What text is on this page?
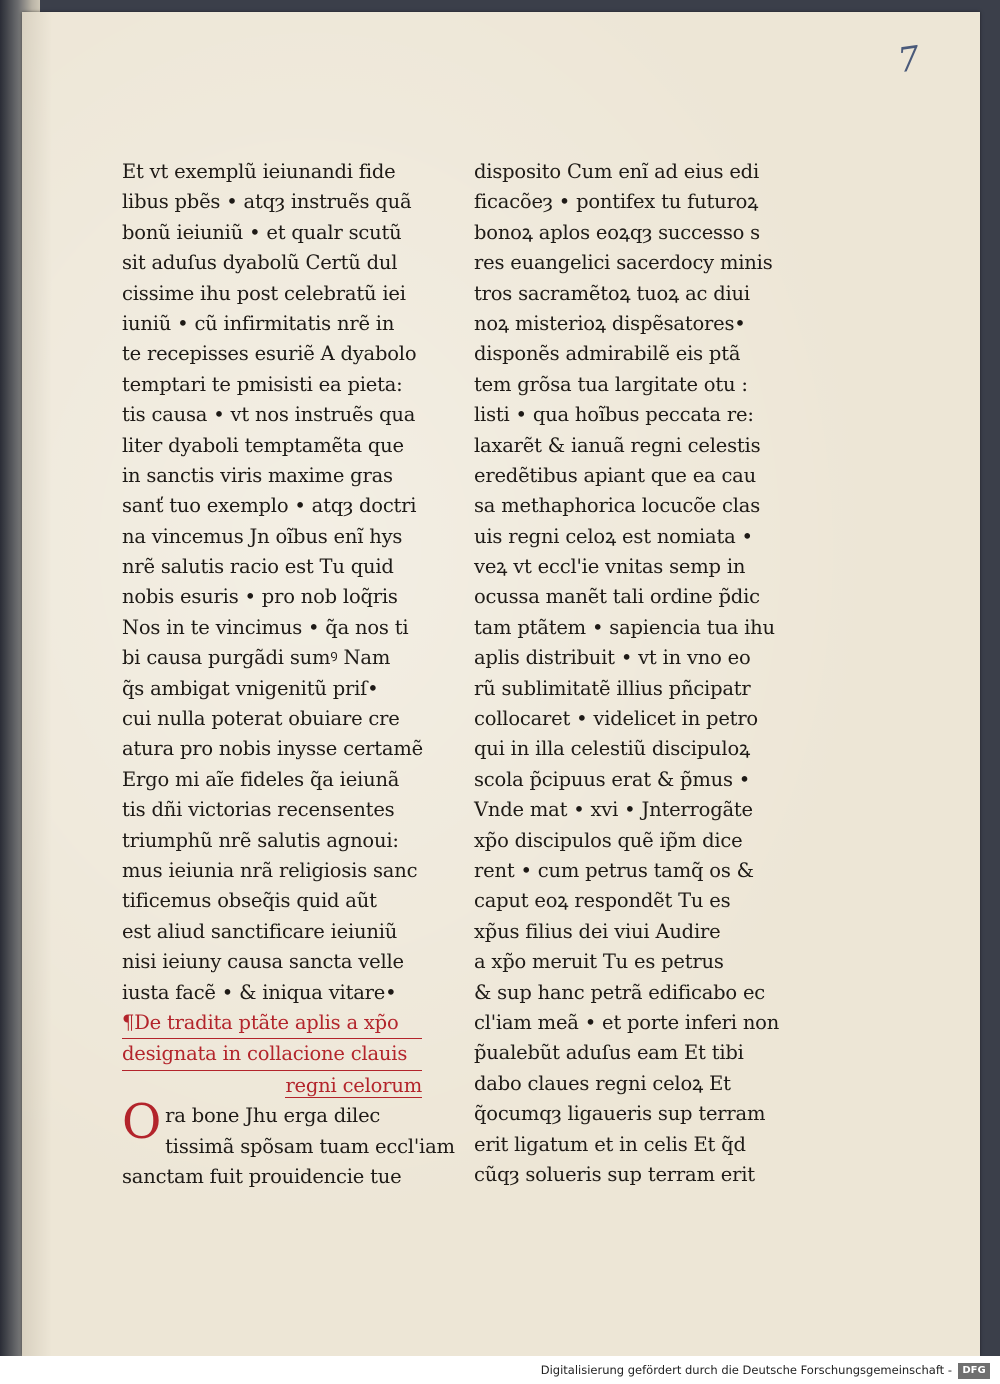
7
Et vt exemplũ ieiunandi fide
libus pbẽs • atqȝ instruẽs quã
bonũ ieiuniũ • et qualr scutũ
sit aduſus dyabolũ Certũ dul
cissime ihu post celebratũ iei
iuniũ • cũ infirmitatis nrẽ in
te recepisses esuriẽ A dyabolo
temptari te pmisisti ea pieta:
tis causa • vt nos instruẽs qua
liter dyaboli temptamẽta que
in sanctis viris maxime gras
sanť tuo exemplo • atqȝ doctri
na vincemus Jn oĩbus enĩ hys
nrẽ salutis racio est Tu quid
nobis esuris • pro nob loq̃ris
Nos in te vincimus • q̃a nos ti
bi causa purgãdi sumꝰ Nam
q̃s ambigat vnigenitũ priſ•
cui nulla poterat obuiare cre
atura pro nobis inysse certamẽ
Ergo mi aĩe fideles q̃a ieiunã
tis dñi victorias recensentes
triumphũ nrẽ salutis agnoui:
mus ieiunia nrã religiosis sanc
tificemus obseq̃is quid aũt
est aliud sanctificare ieiuniũ
nisi ieiuny causa sancta velle
iusta facẽ • & iniqua vitare•
¶De tradita ptãte aplis a xp̃o
designata in collacione clauis
regni celorum
Ora bone Jhu erga dilec
tissimã spõsam tuam eccl'iam
sanctam fuit prouidencie tue
disposito Cum enĩ ad eius edi
ficacõeȝ • pontifex tu futuroꝝ
bonoꝝ aplos eoꝝqȝ successo s
res euangelici sacerdocy minis
tros sacramẽtoꝝ tuoꝝ ac diui
noꝝ misterioꝝ dispẽsatores•
disponẽs admirabilẽ eis ptã
tem grõsa tua largitate otu :
listi • qua hoĩbus peccata re:
laxarẽt & ianuã regni celestis
eredẽtibus apiant que ea cau
sa methaphorica locucõe clas
uis regni celoꝝ est nomiata •
veꝝ vt eccl'ie vnitas semp in
ocussa manẽt tali ordine p̃dic
tam ptãtem • sapiencia tua ihu
aplis distribuit • vt in vno eo
rũ sublimitatẽ illius pñcipatr
collocaret • videlicet in petro
qui in illa celestiũ discipuloꝝ
scola p̃cipuus erat & p̃mus •
Vnde mat • xvi • Jnterrogãte
xp̃o discipulos quẽ ip̃m dice
rent • cum petrus tamq̃ os &
caput eoꝝ respondẽt Tu es
xp̃us filius dei viui Audire
a xp̃o meruit Tu es petrus
& sup hanc petrã edificabo ec
cl'iam meã • et porte inferi non
p̃ualebũt aduſus eam Et tibi
dabo claues regni celoꝝ Et
q̃ocumqȝ ligaueris sup terram
erit ligatum et in celis Et q̃d
cũqȝ solueris sup terram erit
Digitalisierung gefördert durch die Deutsche Forschungsgemeinschaft -	DFG
